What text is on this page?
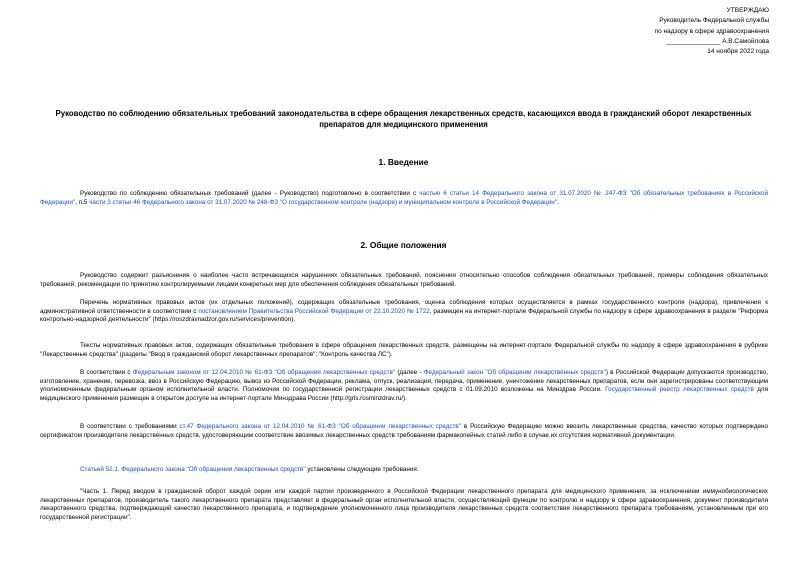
УТВЕРЖДАЮ
Руководитель Федеральной службы
по надзору в сфере здравоохранения
_______________ А.В.Самойлова
14 ноября 2022 года
Руководство по соблюдению обязательных требований законодательства в сфере обращения лекарственных средств, касающихся ввода в гражданский оборот лекарственных препаратов для медицинского применения
1. Введение
Руководство по соблюдению обязательных требований (далее - Руководство) подготовлено в соответствии с частью 6 статьи 14 Федерального закона от 31.07.2020 № 247-ФЗ "Об обязательных требованиях в Российской Федерации", п.5 части 3 статьи 46 Федерального закона от 31.07.2020 № 248-ФЗ "О государственном контроле (надзоре) и муниципальном контроле в Российской Федерации".
2. Общие положения
Руководство содержит разъяснения о наиболее часто встречающихся нарушениях обязательных требований, пояснения относительно способов соблюдения обязательных требований, примеры соблюдения обязательных требований, рекомендации по принятию контролируемыми лицами конкретных мер для обеспечения соблюдения обязательных требований.
Перечень нормативных правовых актов (их отдельных положений), содержащих обязательные требования, оценка соблюдения которых осуществляется в рамках государственного контроля (надзора), привлечения к административной ответственности в соответствии с постановлением Правительства Российской Федерации от 22.10.2020 № 1722, размещен на интернет-портале Федеральной службы по надзору в сфере здравоохранения в разделе "Реформа контрольно-надзорной деятельности" (https://roszdravnadzor.gov.ru/services/prevention).
Тексты нормативных правовых актов, содержащих обязательные требования в сфере обращения лекарственных средств, размещены на интернет-портале Федеральной службы по надзору в сфере здравоохранения в рубрике "Лекарственные средства" (разделы "Ввод в гражданский оборот лекарственных препаратов"; "Контроль качества ЛС").
В соответствии с Федеральным законом от 12.04.2010 № 61-ФЗ "Об обращении лекарственных средств" (далее - Федеральный закон "Об обращении лекарственных средств") в Российской Федерации допускаются производство, изготовление, хранение, перевозка, ввоз в Российскую Федерацию, вывоз из Российской Федерации, реклама, отпуск, реализация, передача, применение, уничтожение лекарственных препаратов, если они зарегистрированы соответствующим уполномоченным федеральным органом исполнительной власти. Полномочия по государственной регистрации лекарственных средств с 01.09.2010 возложены на Минздрав России. Государственный реестр лекарственных средств для медицинского применения размещен в открытом доступе на интернет-портале Минздрава России (http://grls.rosminzdrav.ru/).
В соответствии с требованиями ст.47 Федерального закона от 12.04.2010 № 61-ФЗ "Об обращении лекарственных средств" в Российскую Федерацию можно ввозить лекарственные средства, качество которых подтверждено сертификатом производителя лекарственных средств, удостоверяющим соответствие ввозимых лекарственных средств требованиям фармакопейных статей либо в случае их отсутствия нормативной документации.
Статьей 52.1. Федерального закона "Об обращении лекарственных средств" установлены следующие требования:
"Часть 1. Перед вводом в гражданский оборот каждой серии или каждой партии произведенного в Российской Федерации лекарственного препарата для медицинского применения, за исключением иммунобиологических лекарственных препаратов, производитель такого лекарственного препарата представляет в федеральный орган исполнительной власти, осуществляющий функции по контролю и надзору в сфере здравоохранения, документ производителя лекарственного средства, подтверждающий качество лекарственного препарата, и подтверждение уполномоченного лица производителя лекарственных средств соответствия лекарственного препарата требованиям, установленным при его государственной регистрации".
